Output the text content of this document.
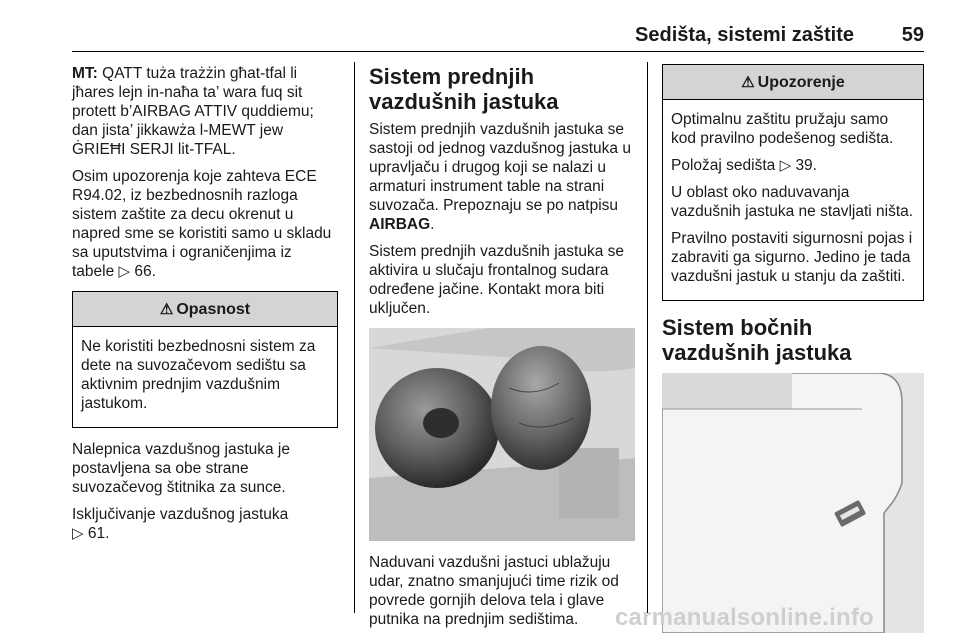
Sedišta, sistemi zaštite 59

MT: QATT tuża trażżin għat-tfal li jħares lejn in-naħa ta’ wara fuq sit protett b’AIRBAG ATTIV quddiemu; dan jista’ jikkawża l-MEWT jew ĠRIEĦI SERJI lit-TFAL.

Osim upozorenja koje zahteva ECE R94.02, iz bezbednosnih razloga sistem zaštite za decu okrenut u napred sme se koristiti samo u skladu sa uputstvima i ograničenjima iz tabele ▷ 66.

⚠ Opasnost

Ne koristiti bezbednosni sistem za dete na suvozačevom sedištu sa aktivnim prednjim vazdušnim jastukom.

Nalepnica vazdušnog jastuka je postavljena sa obe strane suvozačevog štitnika za sunce.

Isključivanje vazdušnog jastuka
▷ 61.

Sistem prednjih vazdušnih jastuka

Sistem prednjih vazdušnih jastuka se sastoji od jednog vazdušnog jastuka u upravljaču i drugog koji se nalazi u armaturi instrument table na strani suvozača. Prepoznaju se po natpisu AIRBAG.

Sistem prednjih vazdušnih jastuka se aktivira u slučaju frontalnog sudara određene jačine. Kontakt mora biti uključen.

Naduvani vazdušni jastuci ublažuju udar, znatno smanjujući time rizik od povrede gornjih delova tela i glave putnika na prednjim sedištima.

⚠ Upozorenje

Optimalnu zaštitu pružaju samo kod pravilno podešenog sedišta.

Položaj sedišta ▷ 39.

U oblast oko naduvavanja vazdušnih jastuka ne stavljati ništa.

Pravilno postaviti sigurnosni pojas i zabraviti ga sigurno. Jedino je tada vazdušni jastuk u stanju da zaštiti.

Sistem bočnih vazdušnih jastuka
carmanualsonline.info
